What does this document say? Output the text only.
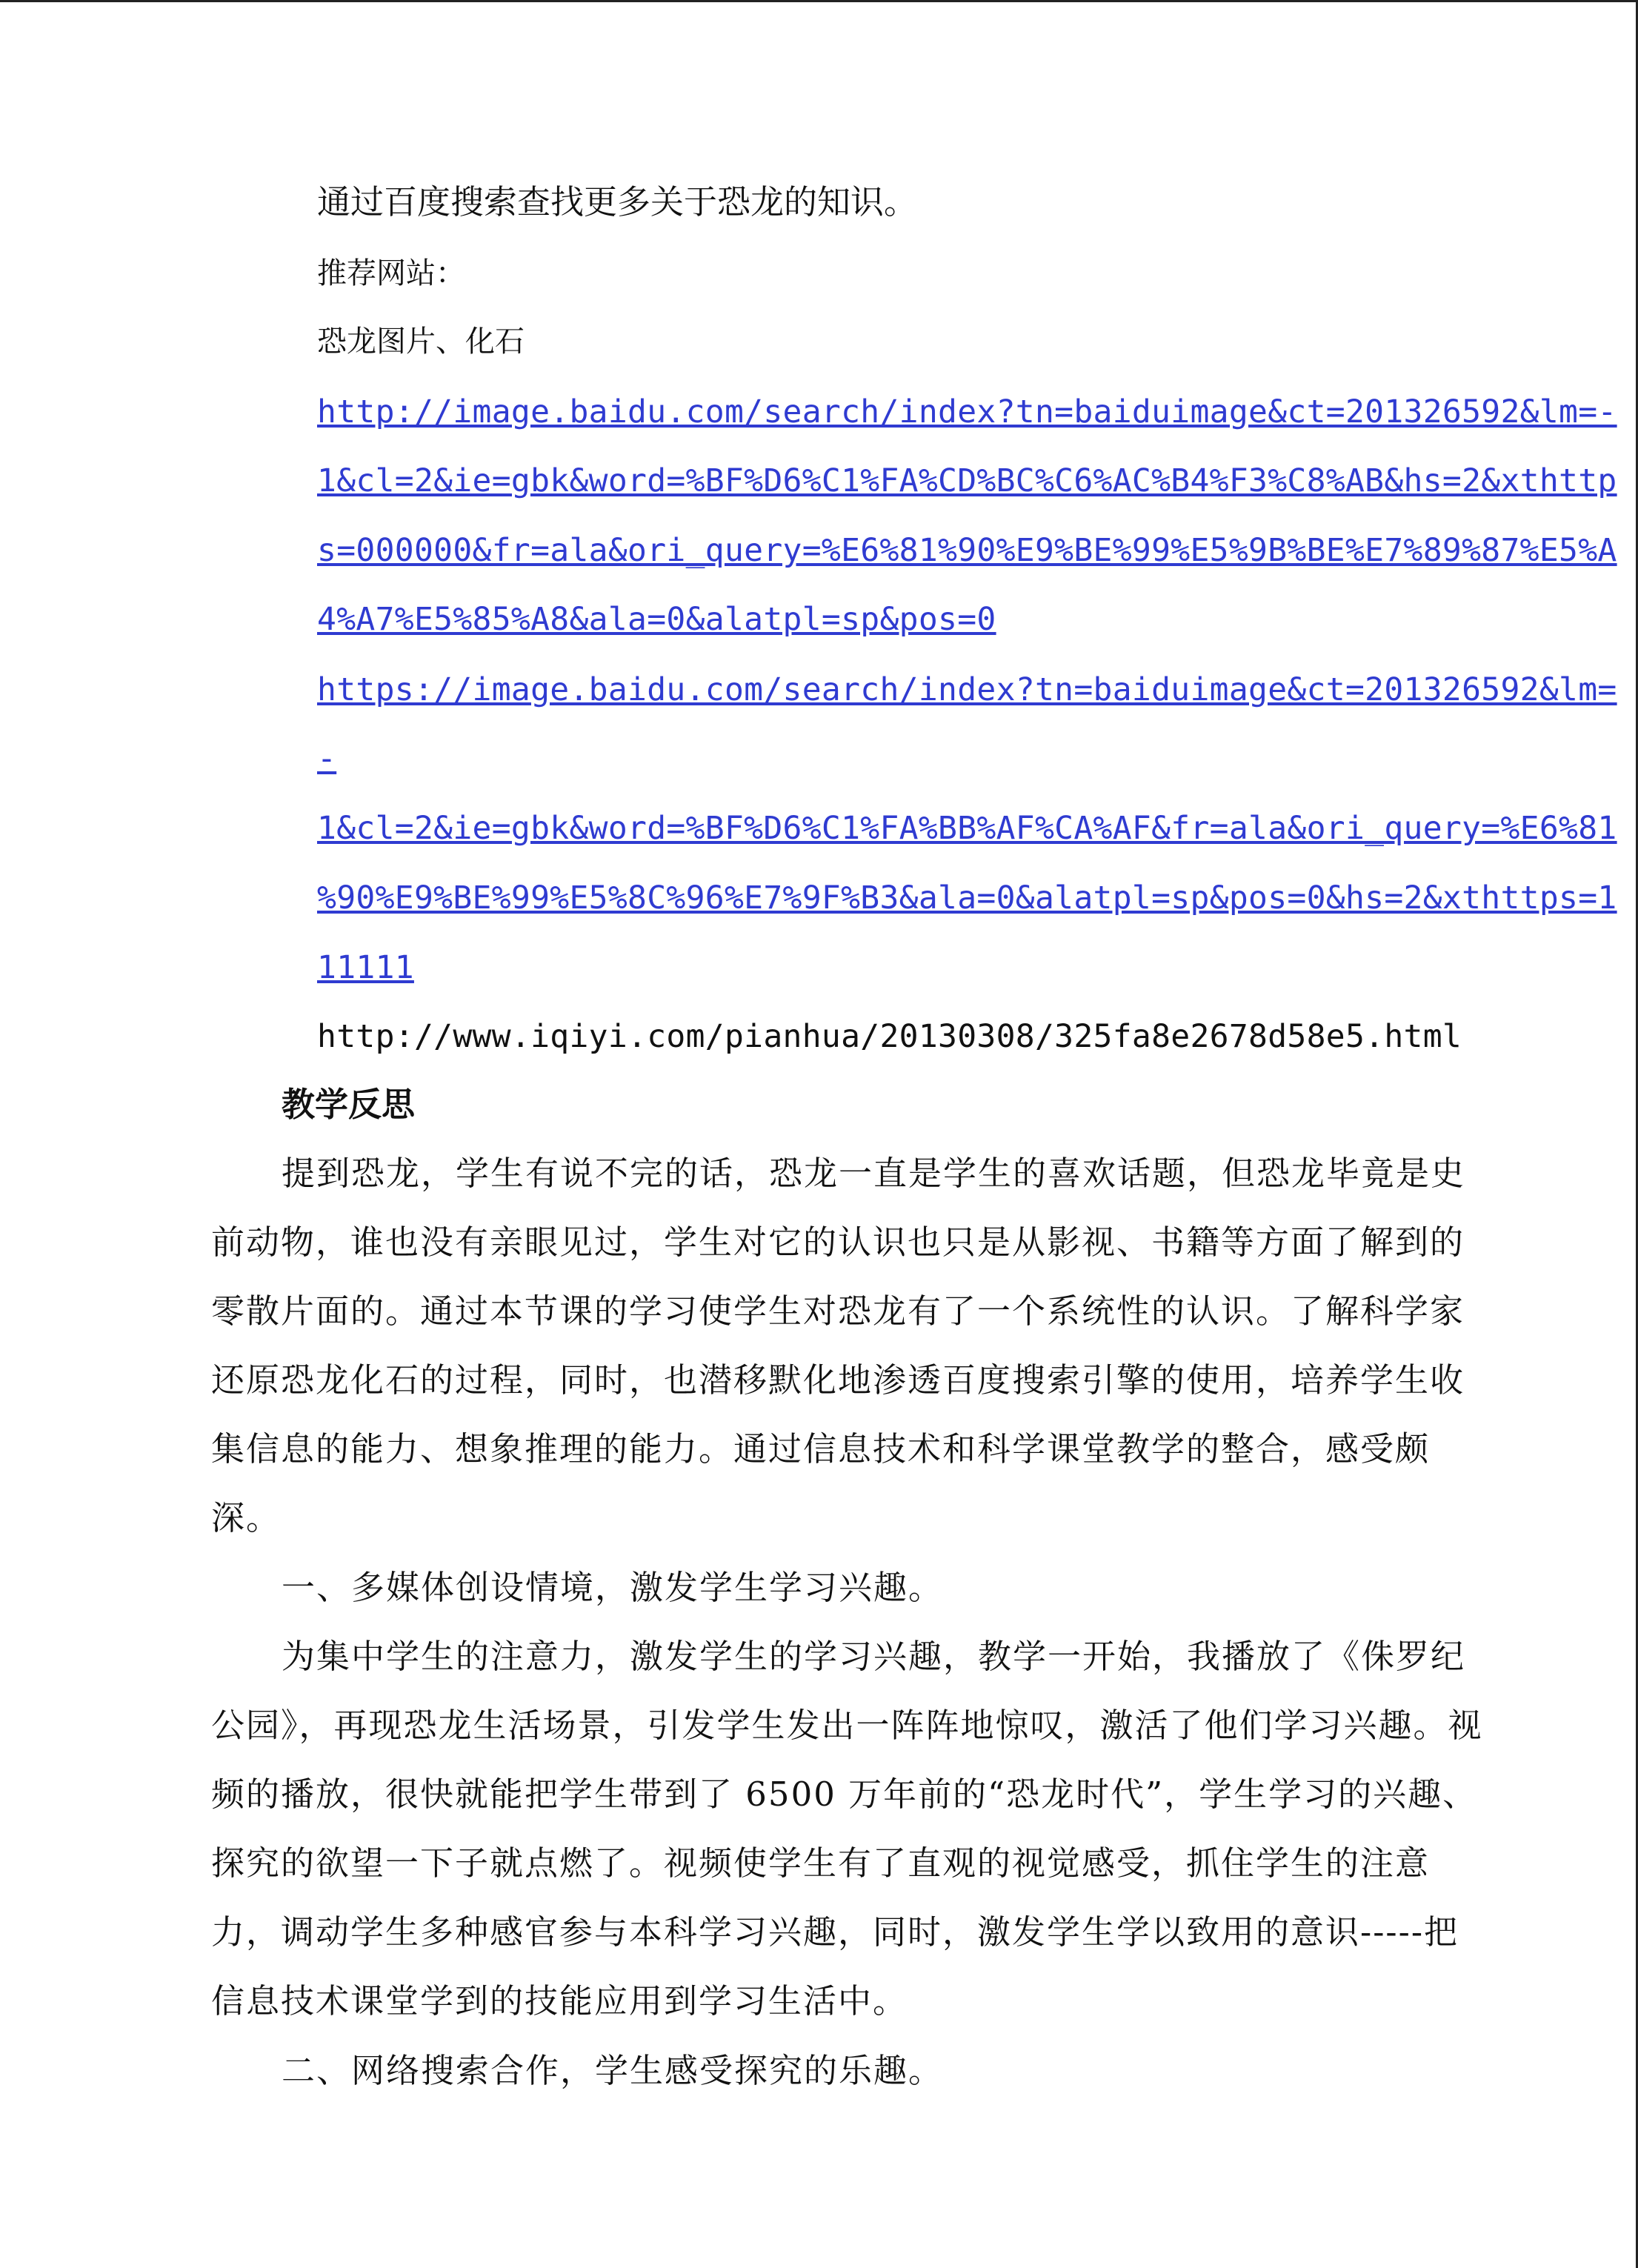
通过百度搜索查找更多关于恐龙的知识。
推荐网站：
恐龙图片、化石
http://image.baidu.com/search/index?tn=baiduimage&ct=201326592&lm=-
1&cl=2&ie=gbk&word=%BF%D6%C1%FA%CD%BC%C6%AC%B4%F3%C8%AB&hs=2&xthttp
s=000000&fr=ala&ori_query=%E6%81%90%E9%BE%99%E5%9B%BE%E7%89%87%E5%A
4%A7%E5%85%A8&ala=0&alatpl=sp&pos=0
https://image.baidu.com/search/index?tn=baiduimage&ct=201326592&lm=
-
1&cl=2&ie=gbk&word=%BF%D6%C1%FA%BB%AF%CA%AF&fr=ala&ori_query=%E6%81
%90%E9%BE%99%E5%8C%96%E7%9F%B3&ala=0&alatpl=sp&pos=0&hs=2&xthttps=1
11111
http://www.iqiyi.com/pianhua/20130308/325fa8e2678d58e5.html
教学反思
提到恐龙，学生有说不完的话，恐龙一直是学生的喜欢话题，但恐龙毕竟是史
前动物，谁也没有亲眼见过，学生对它的认识也只是从影视、书籍等方面了解到的
零散片面的。通过本节课的学习使学生对恐龙有了一个系统性的认识。了解科学家
还原恐龙化石的过程，同时，也潜移默化地渗透百度搜索引擎的使用，培养学生收
集信息的能力、想象推理的能力。通过信息技术和科学课堂教学的整合，感受颇
深。
一、多媒体创设情境，激发学生学习兴趣。
为集中学生的注意力，激发学生的学习兴趣，教学一开始，我播放了《侏罗纪
公园》，再现恐龙生活场景，引发学生发出一阵阵地惊叹，激活了他们学习兴趣。视
频的播放，很快就能把学生带到了 6500 万年前的“恐龙时代”，学生学习的兴趣、
探究的欲望一下子就点燃了。视频使学生有了直观的视觉感受，抓住学生的注意
力，调动学生多种感官参与本科学习兴趣，同时，激发学生学以致用的意识-----把
信息技术课堂学到的技能应用到学习生活中。
二、网络搜索合作，学生感受探究的乐趣。
